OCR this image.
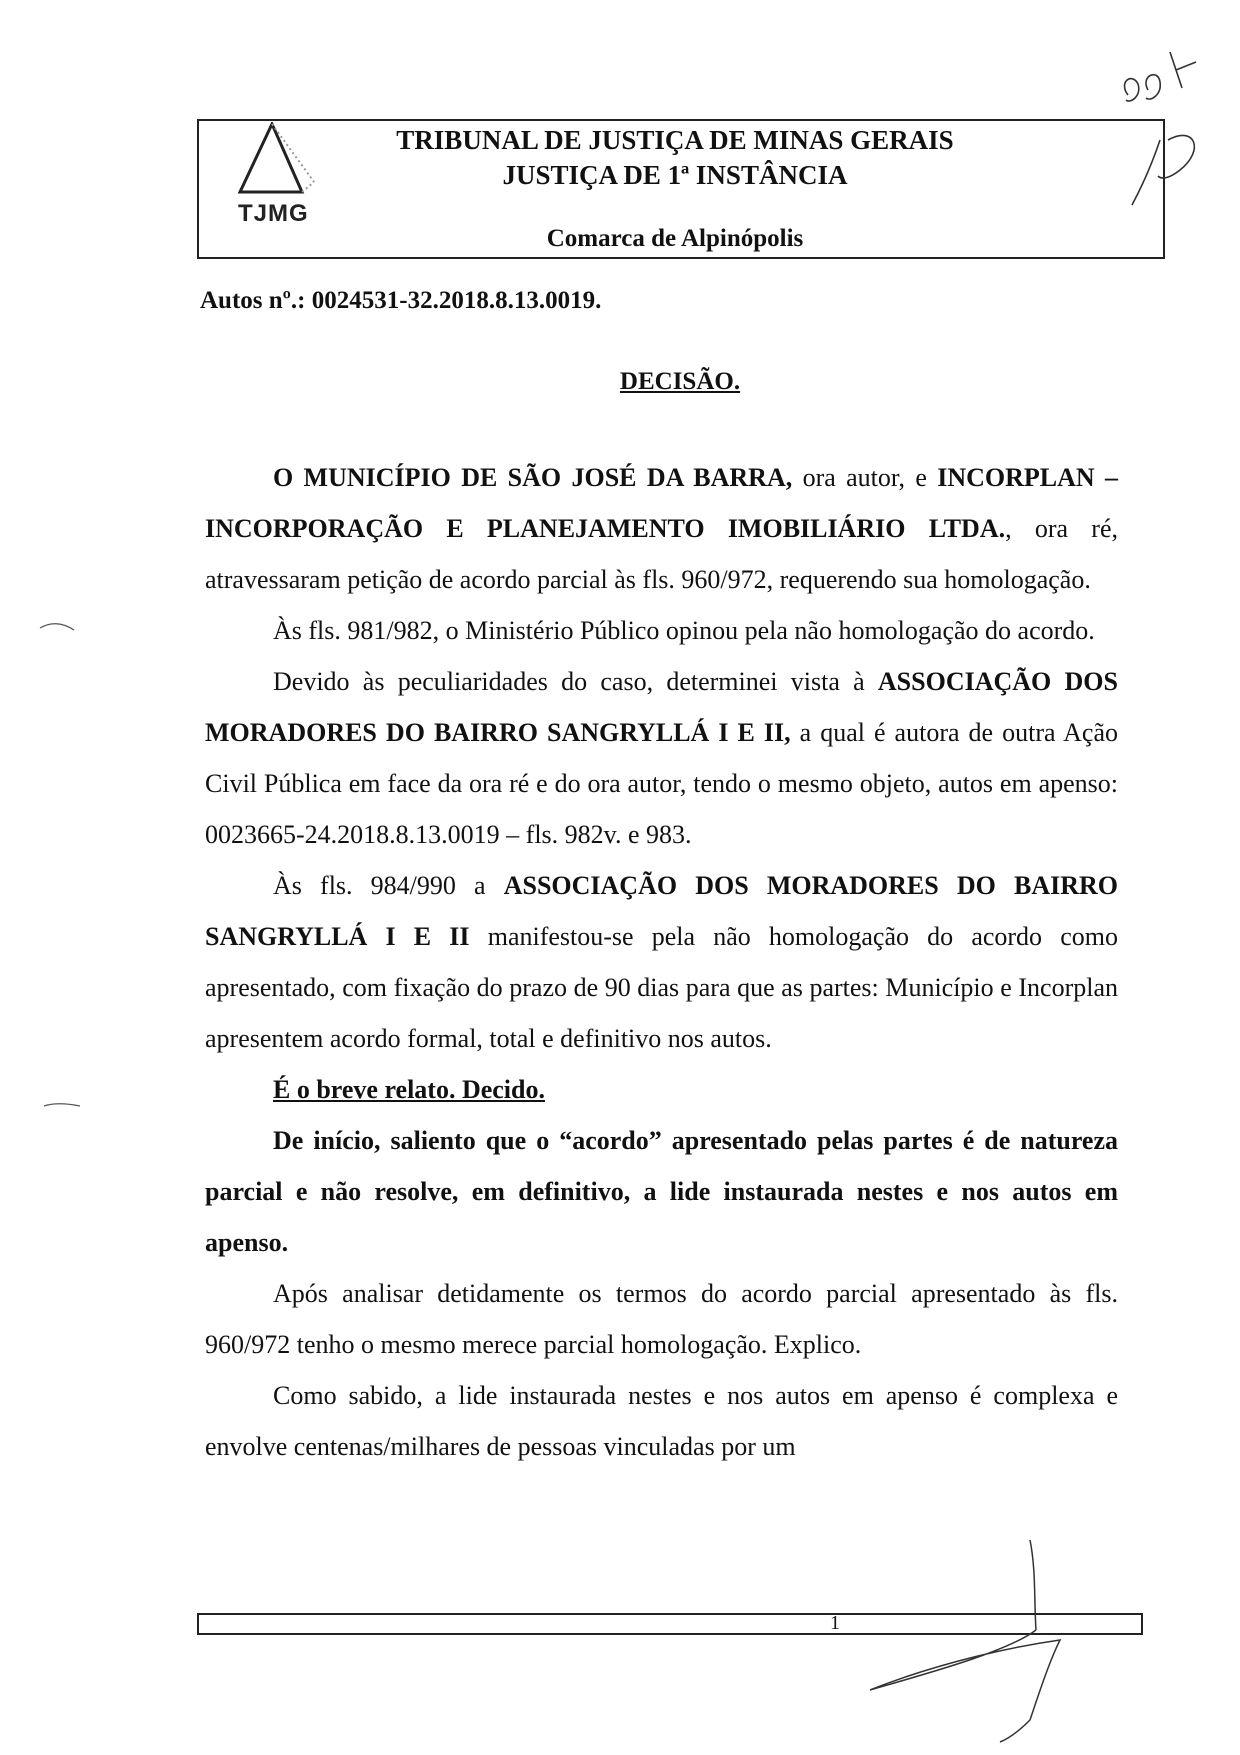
TJMG
TRIBUNAL DE JUSTIÇA DE MINAS GERAIS
JUSTIÇA DE 1ª INSTÂNCIA
Comarca de Alpinópolis
Autos nº.: 0024531-32.2018.8.13.0019.
DECISÃO.

O MUNICÍPIO DE SÃO JOSÉ DA BARRA, ora autor, e INCORPLAN – INCORPORAÇÃO E PLANEJAMENTO IMOBILIÁRIO LTDA., ora ré, atravessaram petição de acordo parcial às fls. 960/972, requerendo sua homologação.

Às fls. 981/982, o Ministério Público opinou pela não homologação do acordo.

Devido às peculiaridades do caso, determinei vista à ASSOCIAÇÃO DOS MORADORES DO BAIRRO SANGRYLLÁ I E II, a qual é autora de outra Ação Civil Pública em face da ora ré e do ora autor, tendo o mesmo objeto, autos em apenso: 0023665-24.2018.8.13.0019 – fls. 982v. e 983.

Às fls. 984/990 a ASSOCIAÇÃO DOS MORADORES DO BAIRRO SANGRYLLÁ I E II manifestou-se pela não homologação do acordo como apresentado, com fixação do prazo de 90 dias para que as partes: Município e Incorplan apresentem acordo formal, total e definitivo nos autos.

É o breve relato. Decido.

De início, saliento que o “acordo” apresentado pelas partes é de natureza parcial e não resolve, em definitivo, a lide instaurada nestes e nos autos em apenso.

Após analisar detidamente os termos do acordo parcial apresentado às fls. 960/972 tenho o mesmo merece parcial homologação. Explico.

Como sabido, a lide instaurada nestes e nos autos em apenso é complexa e envolve centenas/milhares de pessoas vinculadas por um

1
